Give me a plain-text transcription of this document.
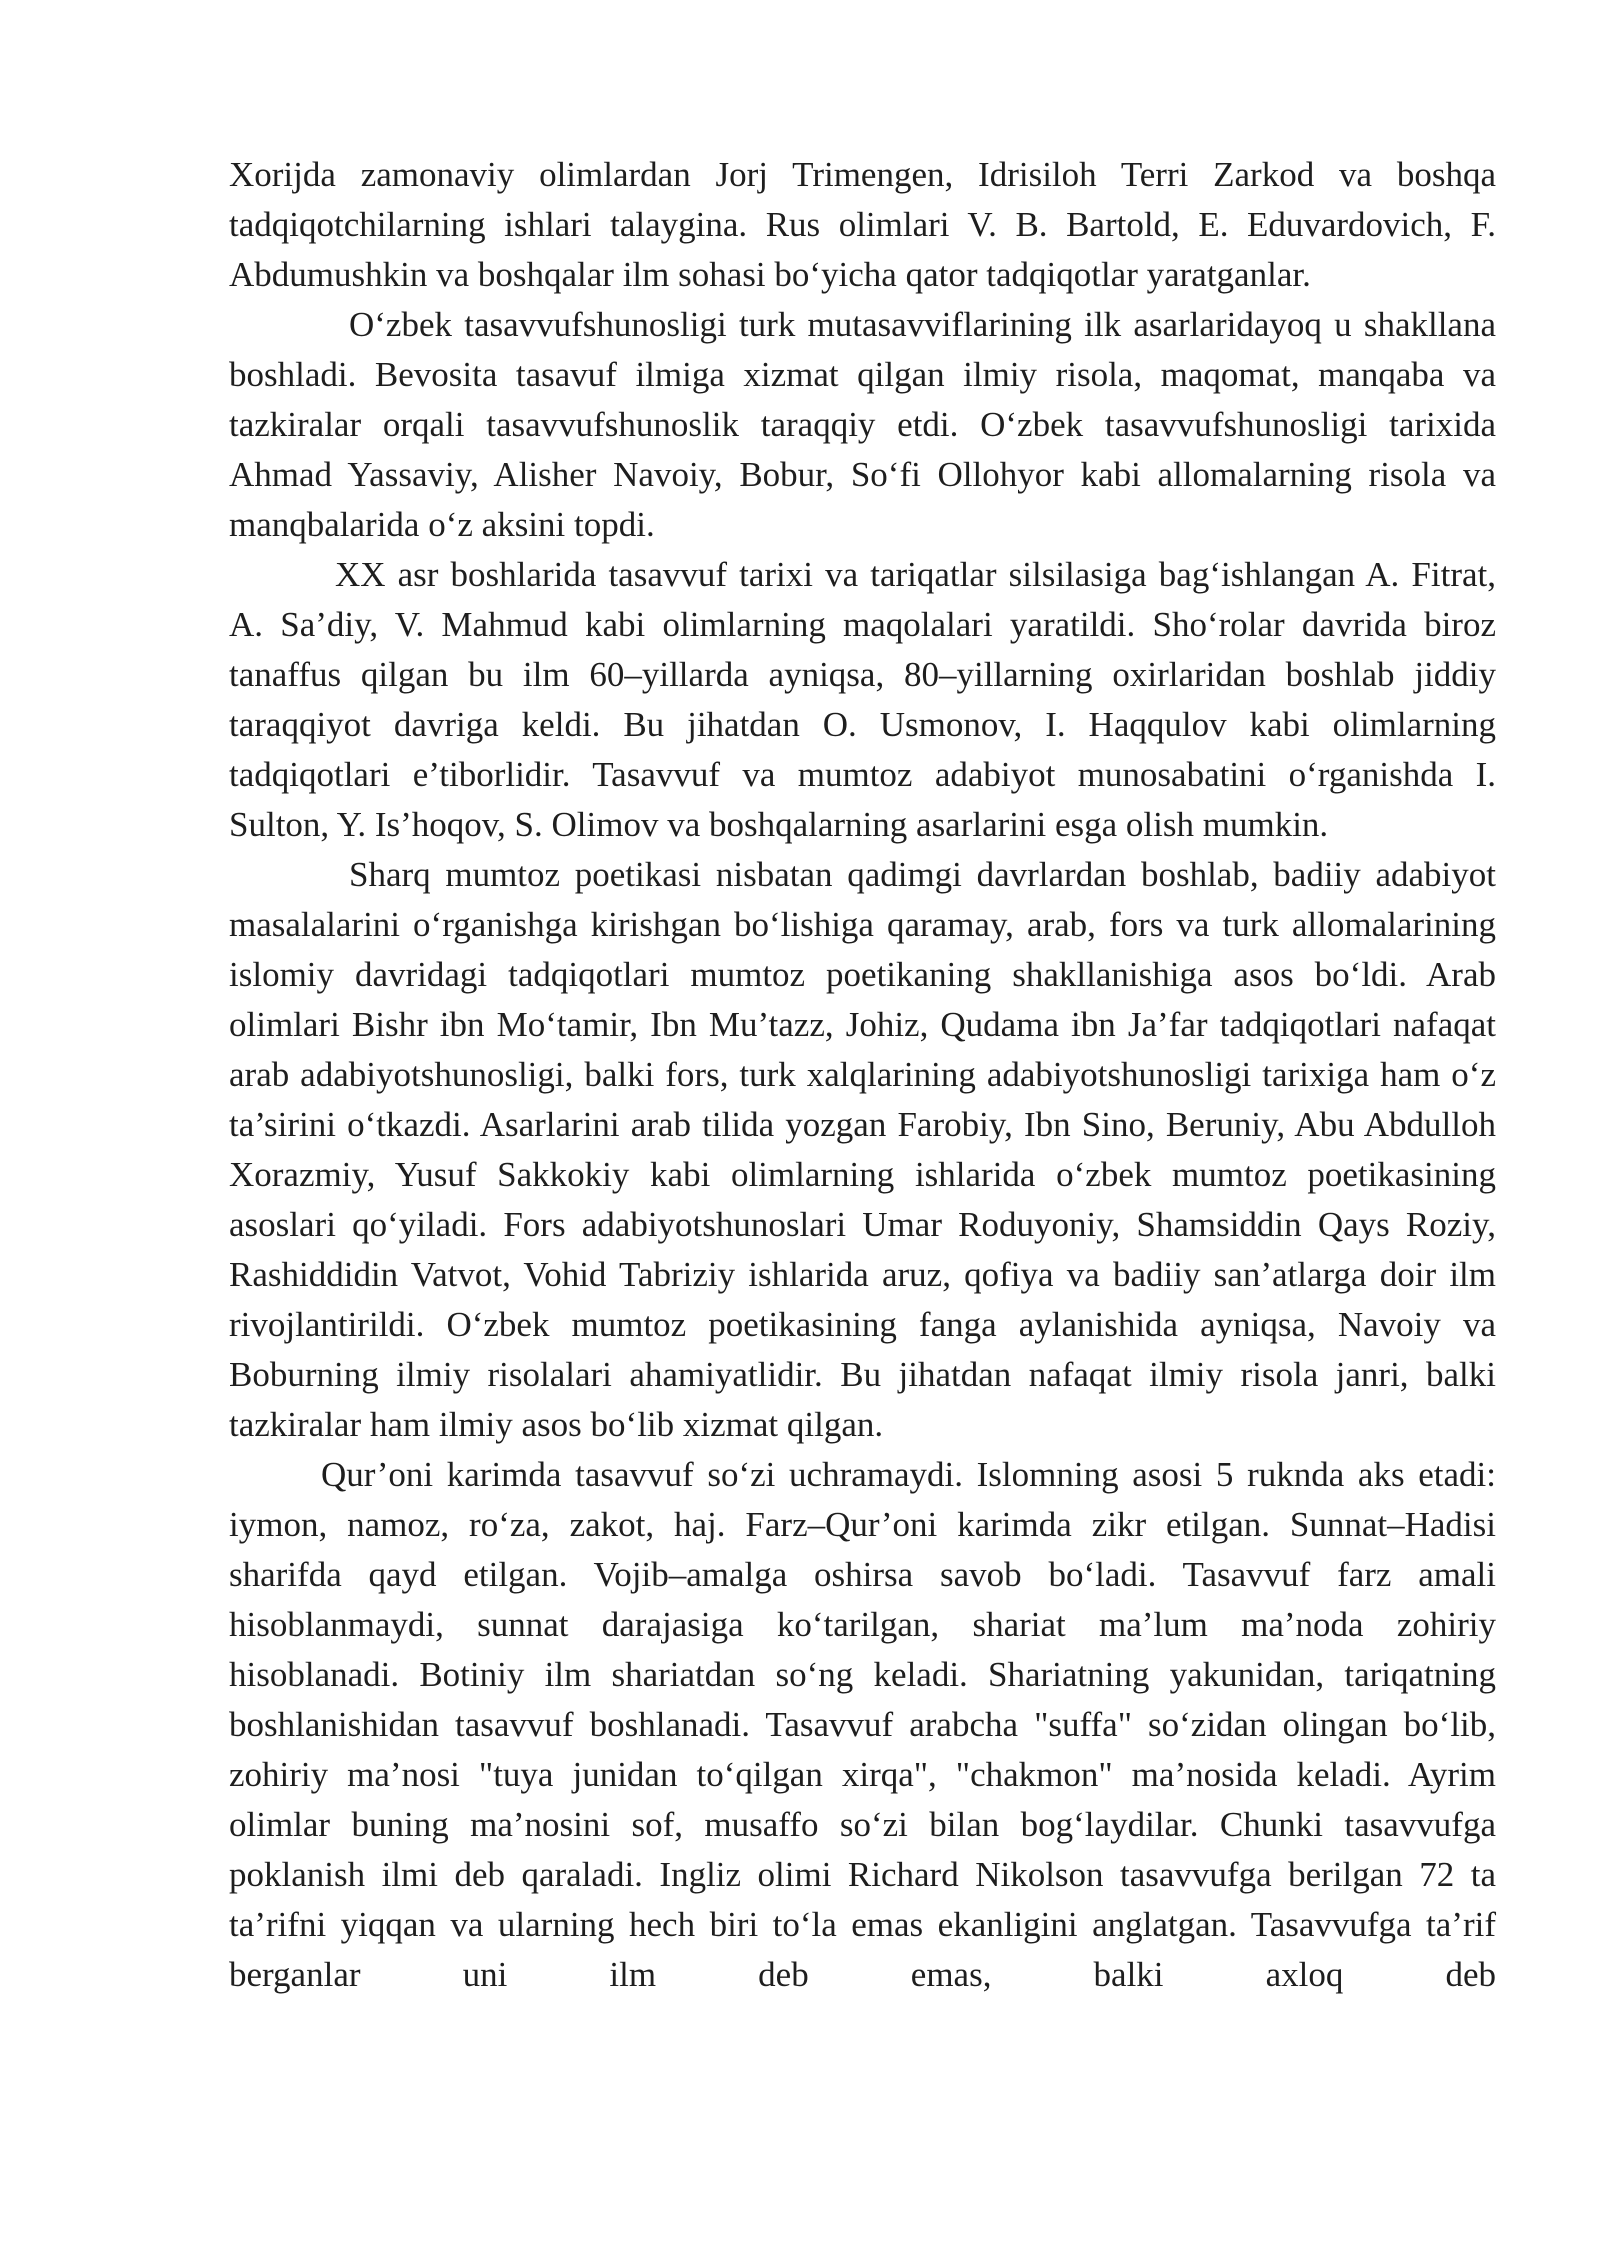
Xorijda zamonaviy olimlardan Jorj Trimengen, Idrisiloh Terri Zarkod va boshqa tadqiqotchilarning ishlari talaygina. Rus olimlari V. B. Bartold, E. Eduvardovich, F. Abdumushkin va boshqalar ilm sohasi bo‘yicha qator tadqiqotlar yaratganlar.

O‘zbek tasavvufshunosligi turk mutasavviflarining ilk asarlaridayoq u shakllana boshladi. Bevosita tasavuf ilmiga xizmat qilgan ilmiy risola, maqomat, manqaba va tazkiralar orqali tasavvufshunoslik taraqqiy etdi. O‘zbek tasavvufshunosligi tarixida Ahmad Yassaviy, Alisher Navoiy, Bobur, So‘fi Ollohyor kabi allomalarning risola va manqbalarida o‘z aksini topdi.

XX asr boshlarida tasavvuf tarixi va tariqatlar silsilasiga bag‘ishlangan A. Fitrat, A. Sa’diy, V. Mahmud kabi olimlarning maqolalari yaratildi. Sho‘rolar davrida biroz tanaffus qilgan bu ilm 60–yillarda ayniqsa, 80–yillarning oxirlaridan boshlab jiddiy taraqqiyot davriga keldi. Bu jihatdan O. Usmonov, I. Haqqulov kabi olimlarning tadqiqotlari e’tiborlidir. Tasavvuf va mumtoz adabiyot munosabatini o‘rganishda I. Sulton, Y. Is’hoqov, S. Olimov va boshqalarning asarlarini esga olish mumkin.

Sharq mumtoz poetikasi nisbatan qadimgi davrlardan boshlab, badiiy adabiyot masalalarini o‘rganishga kirishgan bo‘lishiga qaramay, arab, fors va turk allomalarining islomiy davridagi tadqiqotlari mumtoz poetikaning shakllanishiga asos bo‘ldi. Arab olimlari Bishr ibn Mo‘tamir, Ibn Mu’tazz, Johiz, Qudama ibn Ja’far tadqiqotlari nafaqat arab adabiyotshunosligi, balki fors, turk xalqlarining adabiyotshunosligi tarixiga ham o‘z ta’sirini o‘tkazdi. Asarlarini arab tilida yozgan Farobiy, Ibn Sino, Beruniy, Abu Abdulloh Xorazmiy, Yusuf Sakkokiy kabi olimlarning ishlarida o‘zbek mumtoz poetikasining asoslari qo‘yiladi. Fors adabiyotshunoslari Umar Roduyoniy, Shamsiddin Qays Roziy, Rashiddidin Vatvot, Vohid Tabriziy ishlarida aruz, qofiya va badiiy san’atlarga doir ilm rivojlantirildi. O‘zbek mumtoz poetikasining fanga aylanishida ayniqsa, Navoiy va Boburning ilmiy risolalari ahamiyatlidir. Bu jihatdan nafaqat ilmiy risola janri, balki tazkiralar ham ilmiy asos bo‘lib xizmat qilgan.

Qur’oni karimda tasavvuf so‘zi uchramaydi. Islomning asosi 5 ruknda aks etadi: iymon, namoz, ro‘za, zakot, haj. Farz–Qur’oni karimda zikr etilgan. Sunnat–Hadisi sharifda qayd etilgan. Vojib–amalga oshirsa savob bo‘ladi. Tasavvuf farz amali hisoblanmaydi, sunnat darajasiga ko‘tarilgan, shariat ma’lum ma’noda zohiriy hisoblanadi. Botiniy ilm shariatdan so‘ng keladi. Shariatning yakunidan, tariqatning boshlanishidan tasavvuf boshlanadi. Tasavvuf arabcha "suffa" so‘zidan olingan bo‘lib, zohiriy ma’nosi "tuya junidan to‘qilgan xirqa", "chakmon" ma’nosida keladi. Ayrim olimlar buning ma’nosini sof, musaffo so‘zi bilan bog‘laydilar. Chunki tasavvufga poklanish ilmi deb qaraladi. Ingliz olimi Richard Nikolson tasavvufga berilgan 72 ta ta’rifni yiqqan va ularning hech biri to‘la emas ekanligini anglatgan. Tasavvufga ta’rif berganlar uni ilm deb emas, balki axloq deb
